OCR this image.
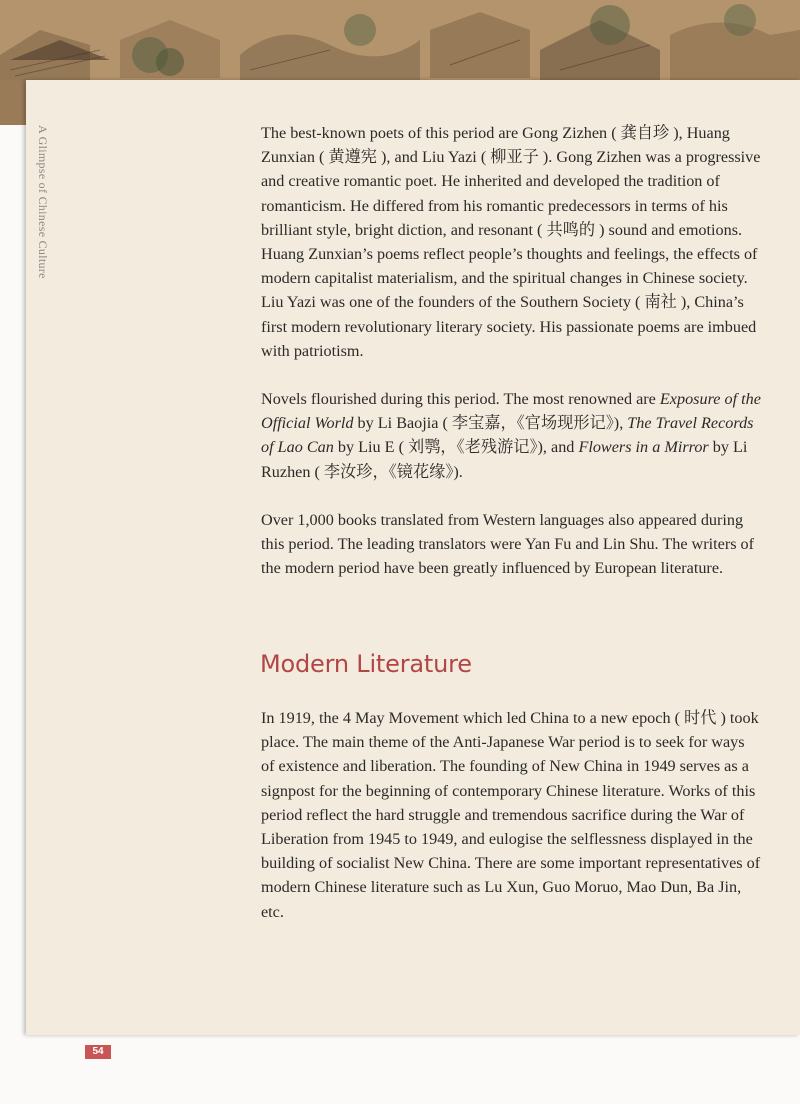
A Glimpse of Chinese Culture	The best-known poets of this period are Gong Zizhen ( 龚自珍 ), Huang Zunxian ( 黄遵宪 ), and Liu Yazi ( 柳亚子 ). Gong Zizhen was a progressive and creative romantic poet. He inherited and developed the tradition of romanticism. He differed from his romantic predecessors in terms of his brilliant style, bright diction, and resonant ( 共鸣的 ) sound and emotions. Huang Zunxian’s poems reflect people’s thoughts and feelings, the effects of modern capitalist materialism, and the spiritual changes in Chinese society. Liu Yazi was one of the founders of the Southern Society ( 南社 ), China’s first modern revolutionary literary society. His passionate poems are imbued with patriotism.

Novels flourished during this period. The most renowned are Exposure of the Official World by Li Baojia ( 李宝嘉，《官场现形记》), The Travel Records of Lao Can by Liu E ( 刘鹗，《老残游记》), and Flowers in a Mirror by Li Ruzhen ( 李汝珍，《镜花缘》).

Over 1,000 books translated from Western languages also appeared during this period. The leading translators were Yan Fu and Lin Shu. The writers of the modern period have been greatly influenced by European literature.

Modern Literature

In 1919, the 4 May Movement which led China to a new epoch ( 时代 ) took place. The main theme of the Anti-Japanese War period is to seek for ways of existence and liberation. The founding of New China in 1949 serves as a signpost for the beginning of contemporary Chinese literature. Works of this period reflect the hard struggle and tremendous sacrifice during the War of Liberation from 1945 to 1949, and eulogise the selflessness displayed in the building of socialist New China. There are some important representatives of modern Chinese literature such as Lu Xun, Guo Moruo, Mao Dun, Ba Jin, etc.

54
